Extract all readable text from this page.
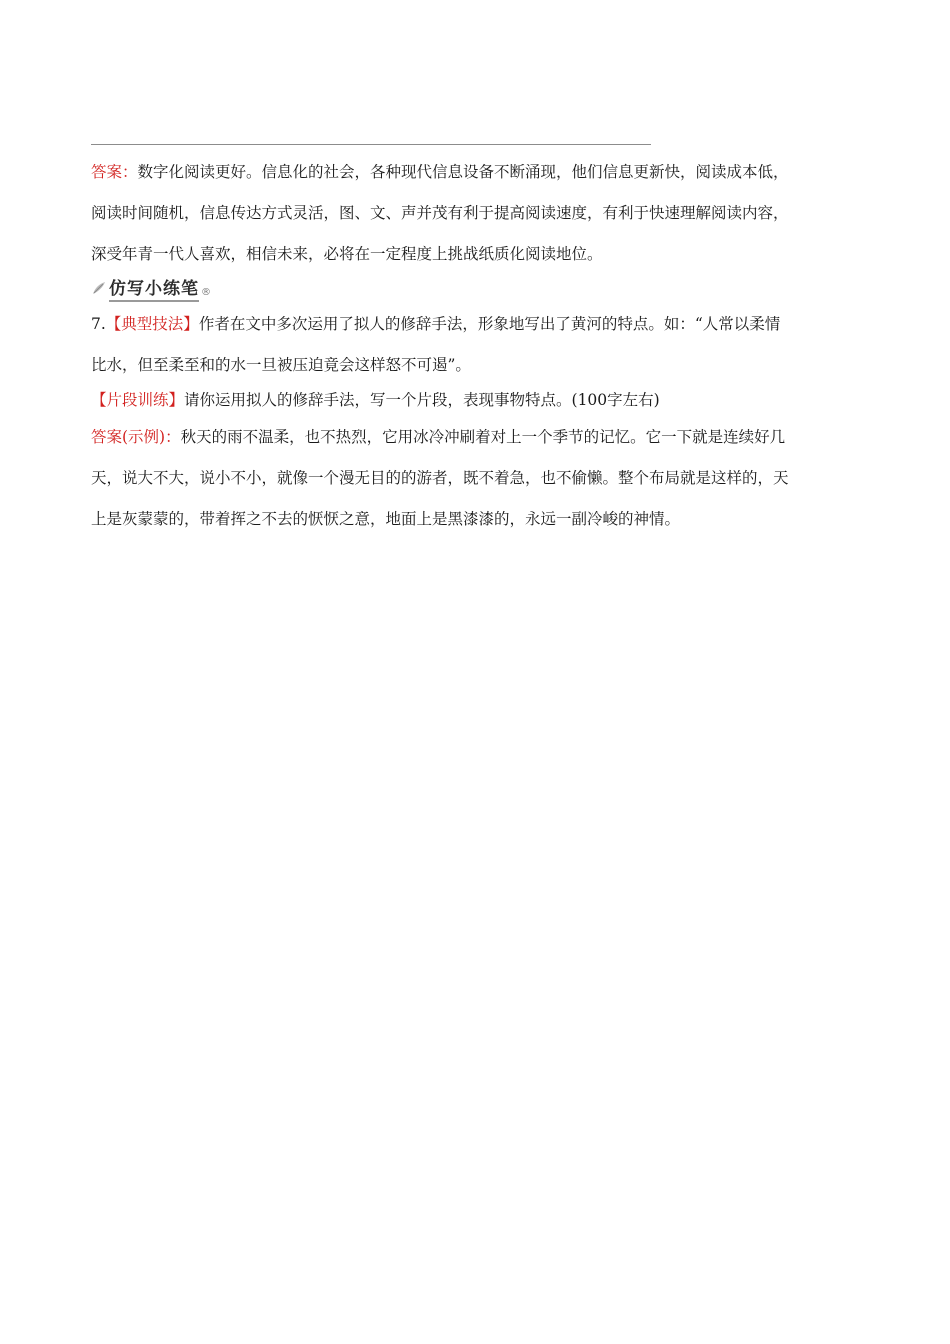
答案：数字化阅读更好。信息化的社会，各种现代信息设备不断涌现，他们信息更新快，阅读成本低，
阅读时间随机，信息传达方式灵活，图、文、声并茂有利于提高阅读速度，有利于快速理解阅读内容，
深受年青一代人喜欢，相信未来，必将在一定程度上挑战纸质化阅读地位。
仿写小练笔 ®
7.【典型技法】作者在文中多次运用了拟人的修辞手法，形象地写出了黄河的特点。如：“人常以柔情
比水，但至柔至和的水一旦被压迫竟会这样怒不可遏”。
【片段训练】请你运用拟人的修辞手法，写一个片段，表现事物特点。(100字左右)
答案(示例)：秋天的雨不温柔，也不热烈，它用冰冷冲刷着对上一个季节的记忆。它一下就是连续好几
天，说大不大，说小不小，就像一个漫无目的的游者，既不着急，也不偷懒。整个布局就是这样的，天
上是灰蒙蒙的，带着挥之不去的恹恹之意，地面上是黑漆漆的，永远一副冷峻的神情。
